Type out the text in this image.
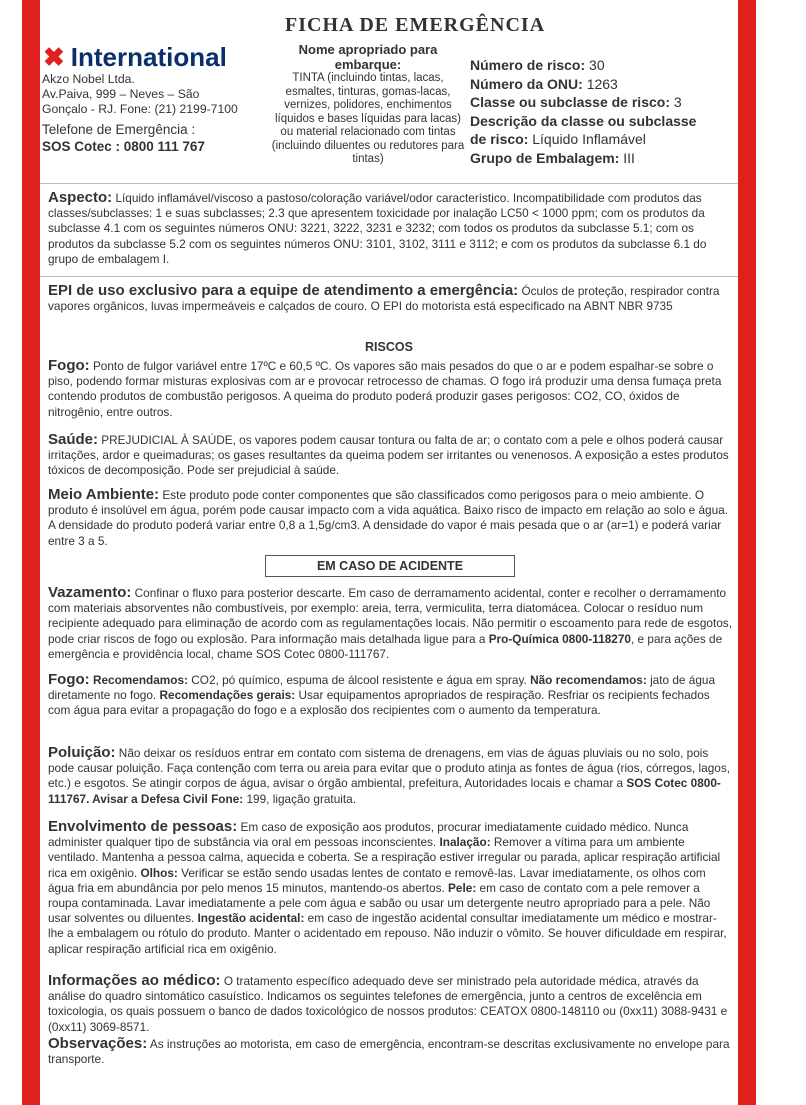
FICHA DE EMERGÊNCIA
✖ International
Akzo Nobel Ltda.
Av.Paiva, 999 – Neves – São
Gonçalo - RJ. Fone: (21) 2199-7100
Telefone de Emergência :
SOS Cotec : 0800 111 767
Nome apropriado para embarque:
TINTA (incluindo tintas, lacas, esmaltes, tinturas, gomas-lacas, vernizes, polidores, enchimentos líquidos e bases líquidas para lacas) ou material relacionado com tintas (incluindo diluentes ou redutores para tintas)
Número de risco: 30
Número da ONU: 1263
Classe ou subclasse de risco: 3
Descrição da classe ou subclasse
de risco: Líquido Inflamável
Grupo de Embalagem: III
Aspecto: Líquido inflamável/viscoso a pastoso/coloração variável/odor característico. Incompatibilidade com produtos das classes/subclasses: 1 e suas subclasses; 2.3 que apresentem toxicidade por inalação LC50 < 1000 ppm; com os produtos da subclasse 4.1 com os seguintes números ONU: 3221, 3222, 3231 e 3232; com todos os produtos da subclasse 5.1; com os produtos da subclasse 5.2 com os seguintes números ONU: 3101, 3102, 3111 e 3112; e com os produtos da subclasse 6.1 do grupo de embalagem I.
EPI de uso exclusivo para a equipe de atendimento a emergência: Óculos de proteção, respirador contra vapores orgânicos, luvas impermeáveis e calçados de couro. O EPI do motorista está especificado na ABNT NBR 9735
RISCOS
Fogo: Ponto de fulgor variável entre 17ºC e 60,5 ºC. Os vapores são mais pesados do que o ar e podem espalhar-se sobre o piso, podendo formar misturas explosivas com ar e provocar retrocesso de chamas. O fogo irá produzir uma densa fumaça preta contendo produtos de combustão perigosos. A queima do produto poderá produzir gases perigosos: CO2, CO, óxidos de nitrogênio, entre outros.
Saúde: PREJUDICIAL À SAÚDE, os vapores podem causar tontura ou falta de ar; o contato com a pele e olhos poderá causar irritações, ardor e queimaduras; os gases resultantes da queima podem ser irritantes ou venenosos. A exposição a estes produtos tóxicos de decomposição. Pode ser prejudicial à saúde.
Meio Ambiente: Este produto pode conter componentes que são classificados como perigosos para o meio ambiente. O produto é insolúvel em água, porém pode causar impacto com a vida aquática. Baixo risco de impacto em relação ao solo e água. A densidade do produto poderá variar entre 0,8 a 1,5g/cm3. A densidade do vapor é mais pesada que o ar (ar=1) e poderá variar entre 3 a 5.
EM CASO DE ACIDENTE
Vazamento: Confinar o fluxo para posterior descarte. Em caso de derramamento acidental, conter e recolher o derramamento com materiais absorventes não combustíveis, por exemplo: areia, terra, vermiculita, terra diatomácea. Colocar o resíduo num recipiente adequado para eliminação de acordo com as regulamentações locais. Não permitir o escoamento para rede de esgotos, pode criar riscos de fogo ou explosão. Para informação mais detalhada ligue para a Pro-Química 0800-118270, e para ações de emergência e providência local, chame SOS Cotec 0800-111767.
Fogo: Recomendamos: CO2, pó químico, espuma de álcool resistente e água em spray. Não recomendamos: jato de água diretamente no fogo. Recomendações gerais: Usar equipamentos apropriados de respiração. Resfriar os recipients fechados com água para evitar a propagação do fogo e a explosão dos recipientes com o aumento da temperatura.
Poluição: Não deixar os resíduos entrar em contato com sistema de drenagens, em vias de águas pluviais ou no solo, pois pode causar poluição. Faça contenção com terra ou areia para evitar que o produto atinja as fontes de água (rios, córregos, lagos, etc.) e esgotos. Se atingir corpos de água, avisar o órgão ambiental, prefeitura, Autoridades locais e chamar a SOS Cotec 0800-111767. Avisar a Defesa Civil Fone: 199, ligação gratuita.
Envolvimento de pessoas: Em caso de exposição aos produtos, procurar imediatamente cuidado médico. Nunca administer qualquer tipo de substância via oral em pessoas inconscientes. Inalação: Remover a vítima para um ambiente ventilado. Mantenha a pessoa calma, aquecida e coberta. Se a respiração estiver irregular ou parada, aplicar respiração artificial rica em oxigênio. Olhos: Verificar se estão sendo usadas lentes de contato e removê-las. Lavar imediatamente, os olhos com água fria em abundância por pelo menos 15 minutos, mantendo-os abertos. Pele: em caso de contato com a pele remover a roupa contaminada. Lavar imediatamente a pele com água e sabão ou usar um detergente neutro apropriado para a pele. Não usar solventes ou diluentes. Ingestão acidental: em caso de ingestão acidental consultar imediatamente um médico e mostrar-lhe a embalagem ou rótulo do produto. Manter o acidentado em repouso. Não induzir o vômito. Se houver dificuldade em respirar, aplicar respiração artificial rica em oxigênio.
Informações ao médico: O tratamento específico adequado deve ser ministrado pela autoridade médica, através da análise do quadro sintomático casuístico. Indicamos os seguintes telefones de emergência, junto a centros de excelência em toxicologia, os quais possuem o banco de dados toxicológico de nossos produtos: CEATOX 0800-148110 ou (0xx11) 3088-9431 e (0xx11) 3069-8571.
Observações: As instruções ao motorista, em caso de emergência, encontram-se descritas exclusivamente no envelope para transporte.
